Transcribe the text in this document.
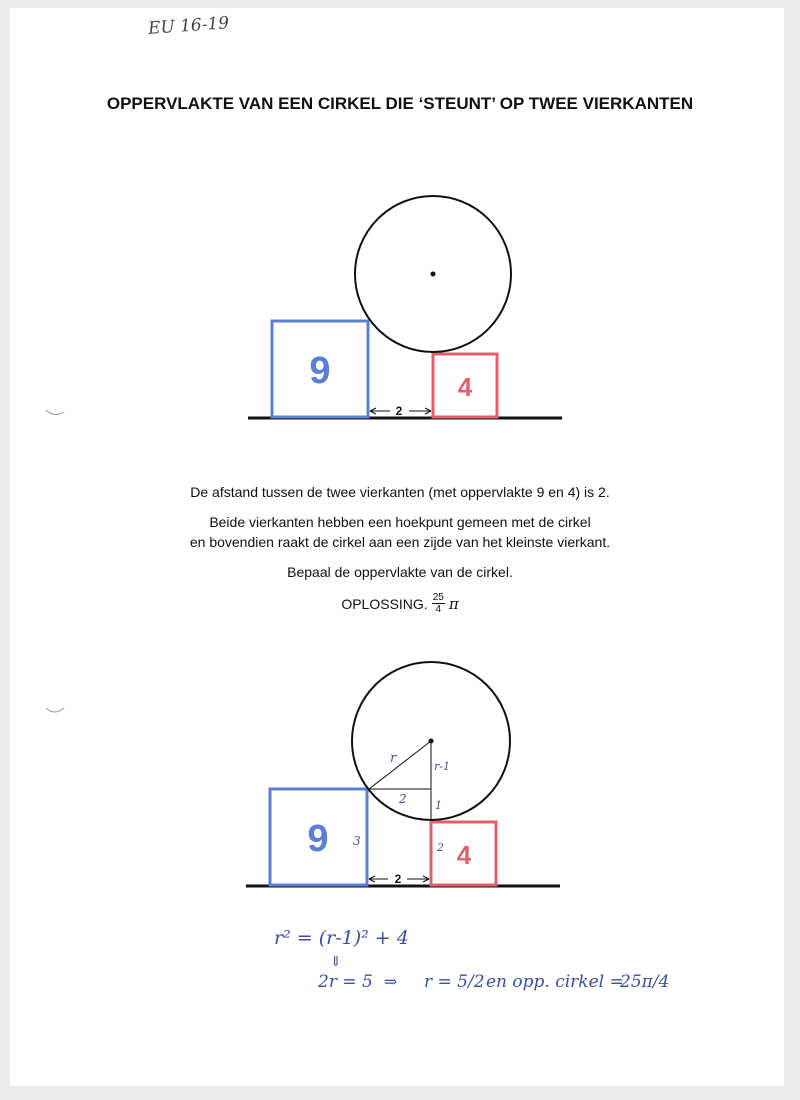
EU 16-19
OPPERVLAKTE VAN EEN CIRKEL DIE ‘STEUNT’ OP TWEE VIERKANTEN
9	4
2
9	4
2
r
r-1
2	1
3	2
r² = (r-1)² + 4
⇓
2r = 5 ⇒ r = 5/2 en opp. cirkel =
25π/4

De afstand tussen de twee vierkanten (met oppervlakte 9 en 4) is 2.

Beide vierkanten hebben een hoekpunt gemeen met de cirkel

en bovendien raakt de cirkel aan een zijde van het kleinste vierkant.

Bepaal de oppervlakte van de cirkel.

OPLOSSING. $\frac{25}{4}$ π
